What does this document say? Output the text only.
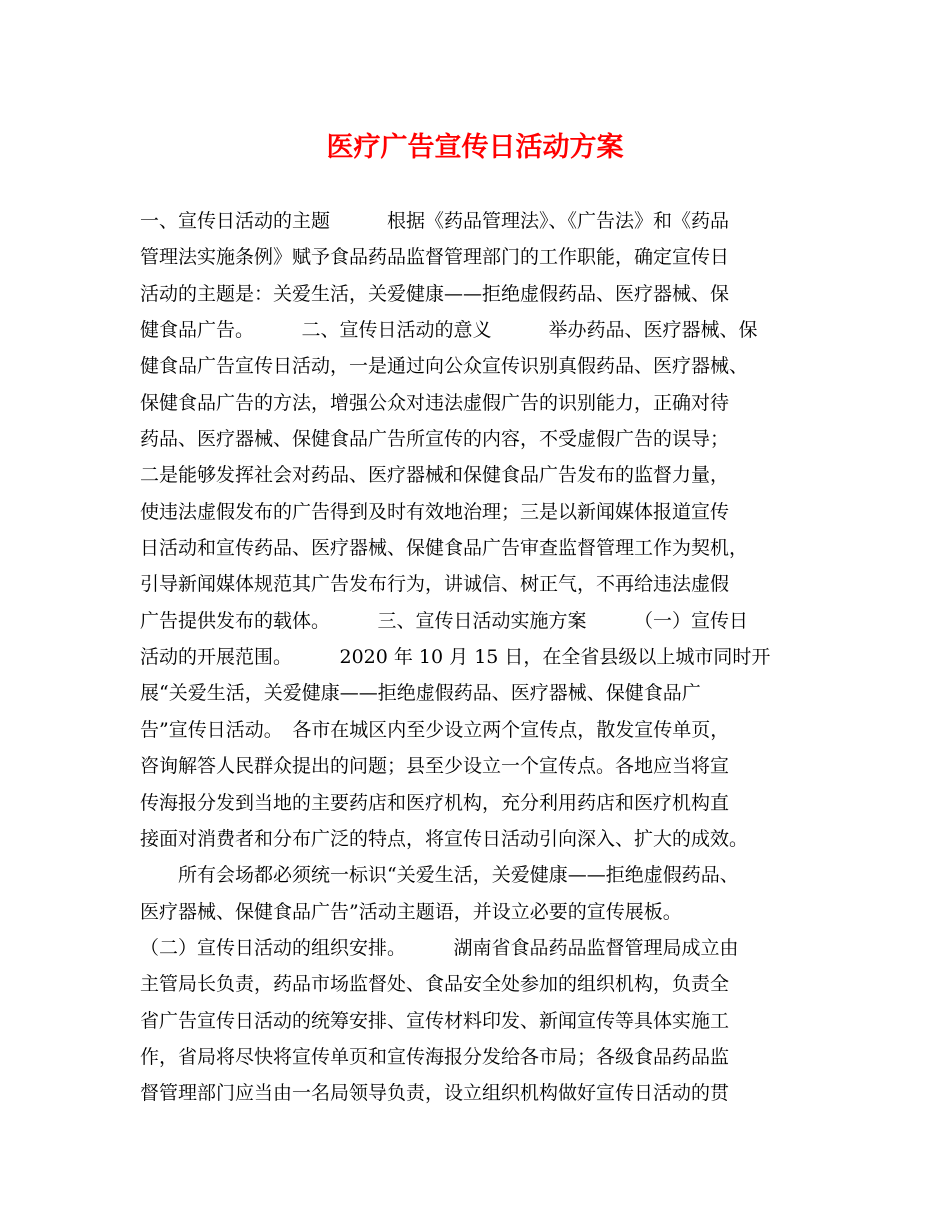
医疗广告宣传日活动方案
一、宣传日活动的主题　　　根据《药品管理法》、《广告法》和《药品
管理法实施条例》赋予食品药品监督管理部门的工作职能，确定宣传日
活动的主题是：关爱生活，关爱健康——拒绝虚假药品、医疗器械、保
健食品广告。　　　二、宣传日活动的意义　　　举办药品、医疗器械、保
健食品广告宣传日活动，一是通过向公众宣传识别真假药品、医疗器械、
保健食品广告的方法，增强公众对违法虚假广告的识别能力，正确对待
药品、医疗器械、保健食品广告所宣传的内容，不受虚假广告的误导；
二是能够发挥社会对药品、医疗器械和保健食品广告发布的监督力量，
使违法虚假发布的广告得到及时有效地治理；三是以新闻媒体报道宣传
日活动和宣传药品、医疗器械、保健食品广告审查监督管理工作为契机，
引导新闻媒体规范其广告发布行为，讲诚信、树正气，不再给违法虚假
广告提供发布的载体。　　　三、宣传日活动实施方案　　　（一）宣传日
活动的开展范围。　　　2020 年 10 月 15 日，在全省县级以上城市同时开
展“关爱生活，关爱健康——拒绝虚假药品、医疗器械、保健食品广
告”宣传日活动。　各市在城区内至少设立两个宣传点，散发宣传单页，
咨询解答人民群众提出的问题；县至少设立一个宣传点。各地应当将宣
传海报分发到当地的主要药店和医疗机构，充分利用药店和医疗机构直
接面对消费者和分布广泛的特点，将宣传日活动引向深入、扩大的成效。
　　所有会场都必须统一标识“关爱生活，关爱健康——拒绝虚假药品、
医疗器械、保健食品广告”活动主题语，并设立必要的宣传展板。
（二）宣传日活动的组织安排。　　　湖南省食品药品监督管理局成立由
主管局长负责，药品市场监督处、食品安全处参加的组织机构，负责全
省广告宣传日活动的统筹安排、宣传材料印发、新闻宣传等具体实施工
作，省局将尽快将宣传单页和宣传海报分发给各市局；各级食品药品监
督管理部门应当由一名局领导负责，设立组织机构做好宣传日活动的贯
